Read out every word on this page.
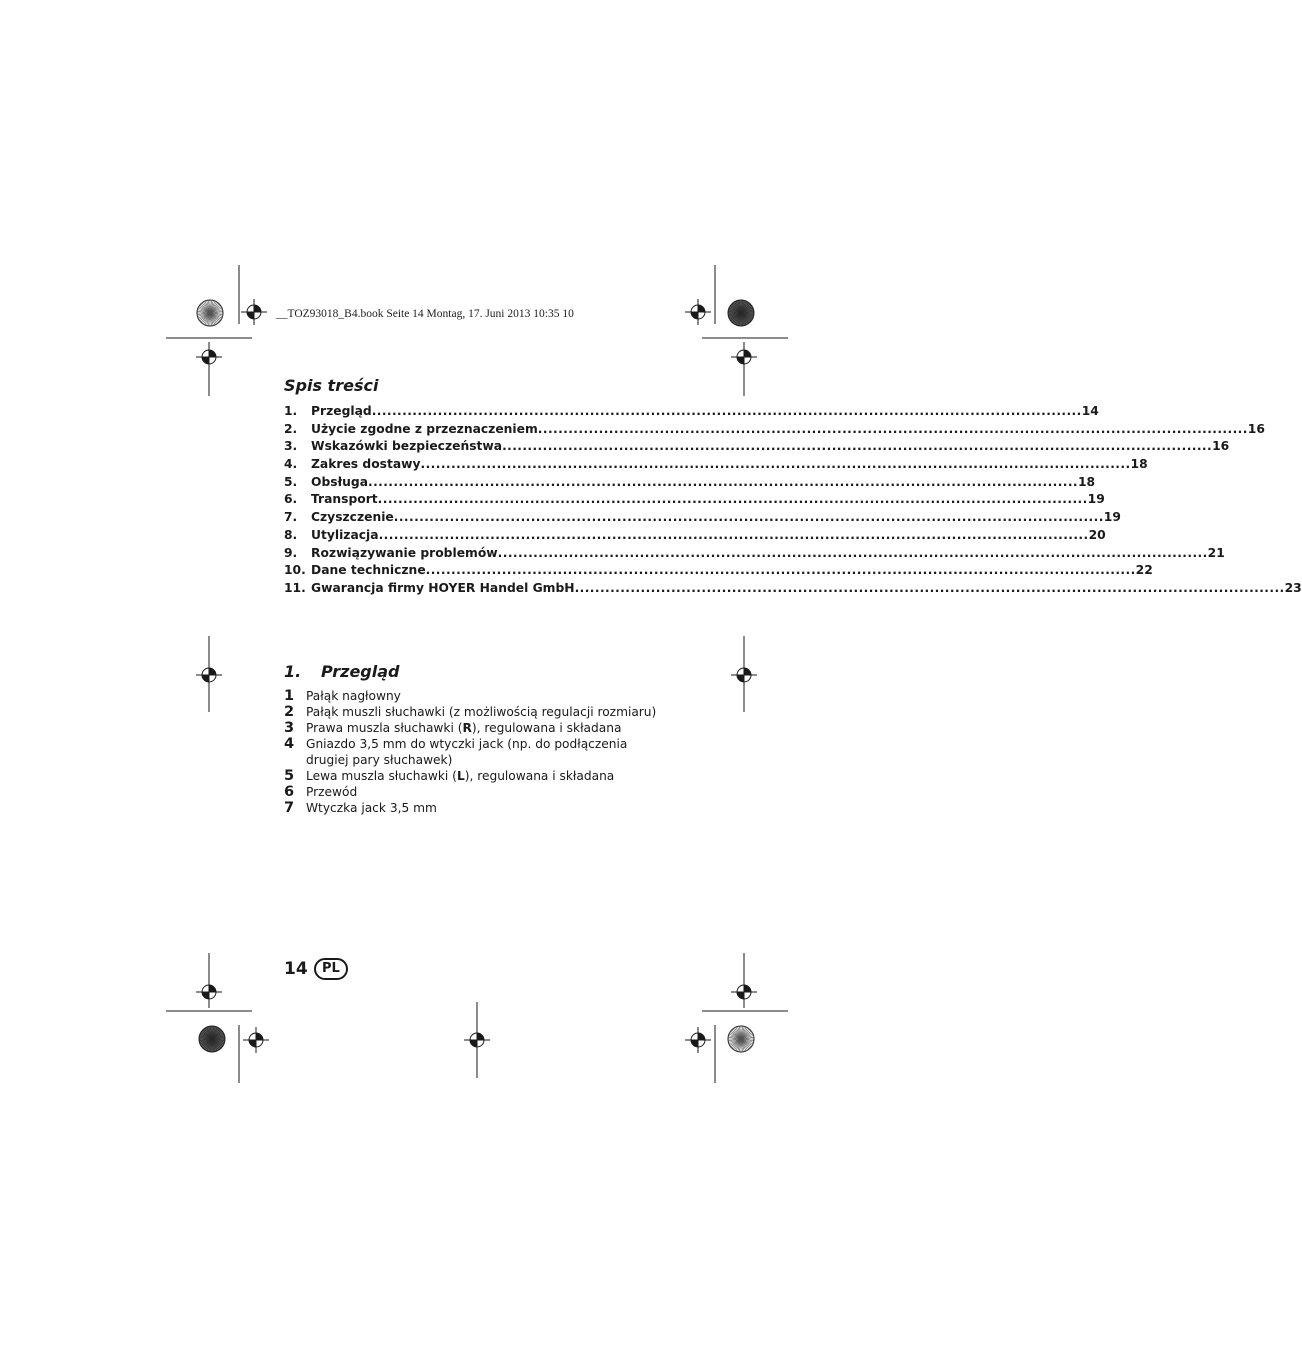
__TOZ93018_B4.book Seite 14 Montag, 17. Juni 2013 10:35 10
Spis treści
1.	Przegląd ............................................................................................................................................ 14
2.	Użycie zgodne z przeznaczeniem ............................................................................................................................................ 16
3.	Wskazówki bezpieczeństwa ............................................................................................................................................ 16
4.	Zakres dostawy ............................................................................................................................................ 18
5.	Obsługa ............................................................................................................................................ 18
6.	Transport ............................................................................................................................................ 19
7.	Czyszczenie ............................................................................................................................................ 19
8.	Utylizacja ............................................................................................................................................ 20
9.	Rozwiązywanie problemów ............................................................................................................................................ 21
10. Dane techniczne ............................................................................................................................................ 22
11. Gwarancja firmy HOYER Handel GmbH ............................................................................................................................................ 23
1. Przegląd
1 Pałąk nagłowny
2 Pałąk muszli słuchawki (z możliwością regulacji rozmiaru)
3 Prawa muszla słuchawki (R), regulowana i składana
4 Gniazdo 3,5 mm do wtyczki jack (np. do podłączenia drugiej pary słuchawek)
5 Lewa muszla słuchawki (L), regulowana i składana
6 Przewód
7 Wtyczka jack 3,5 mm
14	PL
